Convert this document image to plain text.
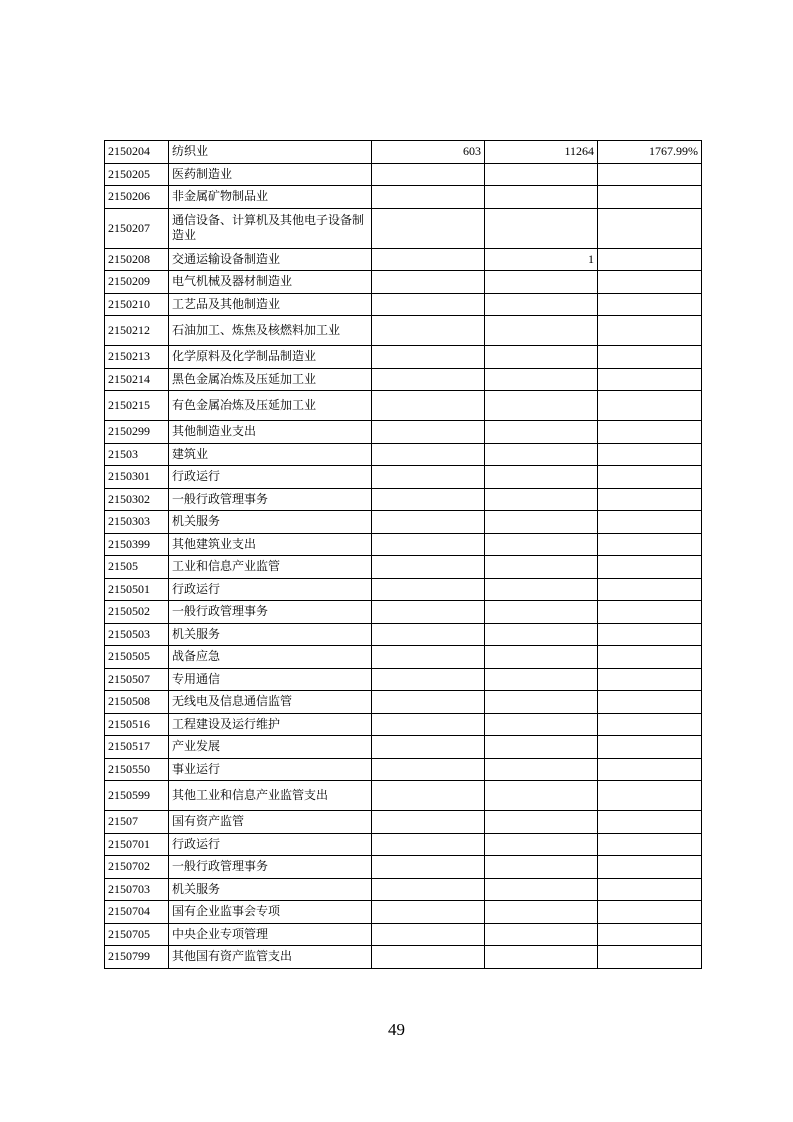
2150204	纺织业	603	11264	1767.99%
2150205	医药制造业			
2150206	非金属矿物制品业			
2150207	通信设备、计算机及其他电子设备制造业			
2150208	交通运输设备制造业		1	
2150209	电气机械及器材制造业			
2150210	工艺品及其他制造业			
2150212	石油加工、炼焦及核燃料加工业			
2150213	化学原料及化学制品制造业			
2150214	黑色金属冶炼及压延加工业			
2150215	有色金属冶炼及压延加工业			
2150299	其他制造业支出			
21503	建筑业			
2150301	行政运行			
2150302	一般行政管理事务			
2150303	机关服务			
2150399	其他建筑业支出			
21505	工业和信息产业监管			
2150501	行政运行			
2150502	一般行政管理事务			
2150503	机关服务			
2150505	战备应急			
2150507	专用通信			
2150508	无线电及信息通信监管			
2150516	工程建设及运行维护			
2150517	产业发展			
2150550	事业运行			
2150599	其他工业和信息产业监管支出			
21507	国有资产监管			
2150701	行政运行			
2150702	一般行政管理事务			
2150703	机关服务			
2150704	国有企业监事会专项			
2150705	中央企业专项管理			
2150799	其他国有资产监管支出			
49
